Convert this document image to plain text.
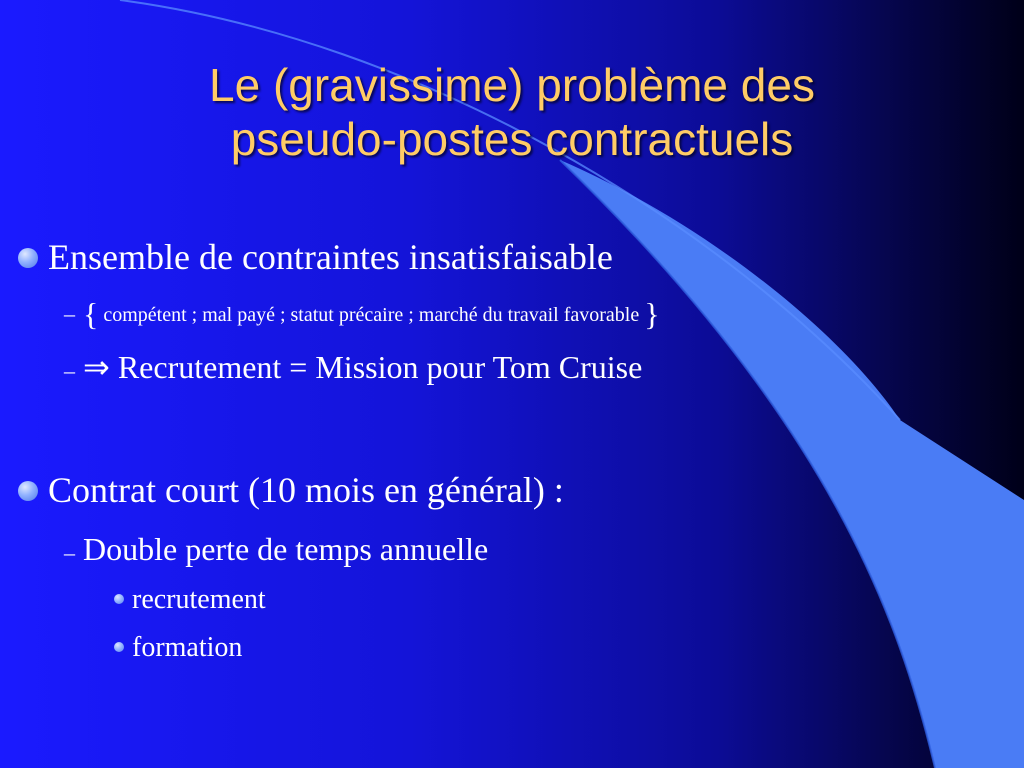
Le (gravissime) problème des
pseudo-postes contractuels
Ensemble de contraintes insatisfaisable
– { compétent ; mal payé ; statut précaire ; marché du travail favorable }
– ⇒ Recrutement = Mission pour Tom Cruise
Contrat court (10 mois en général) :
– Double perte de temps annuelle
recrutement
formation
